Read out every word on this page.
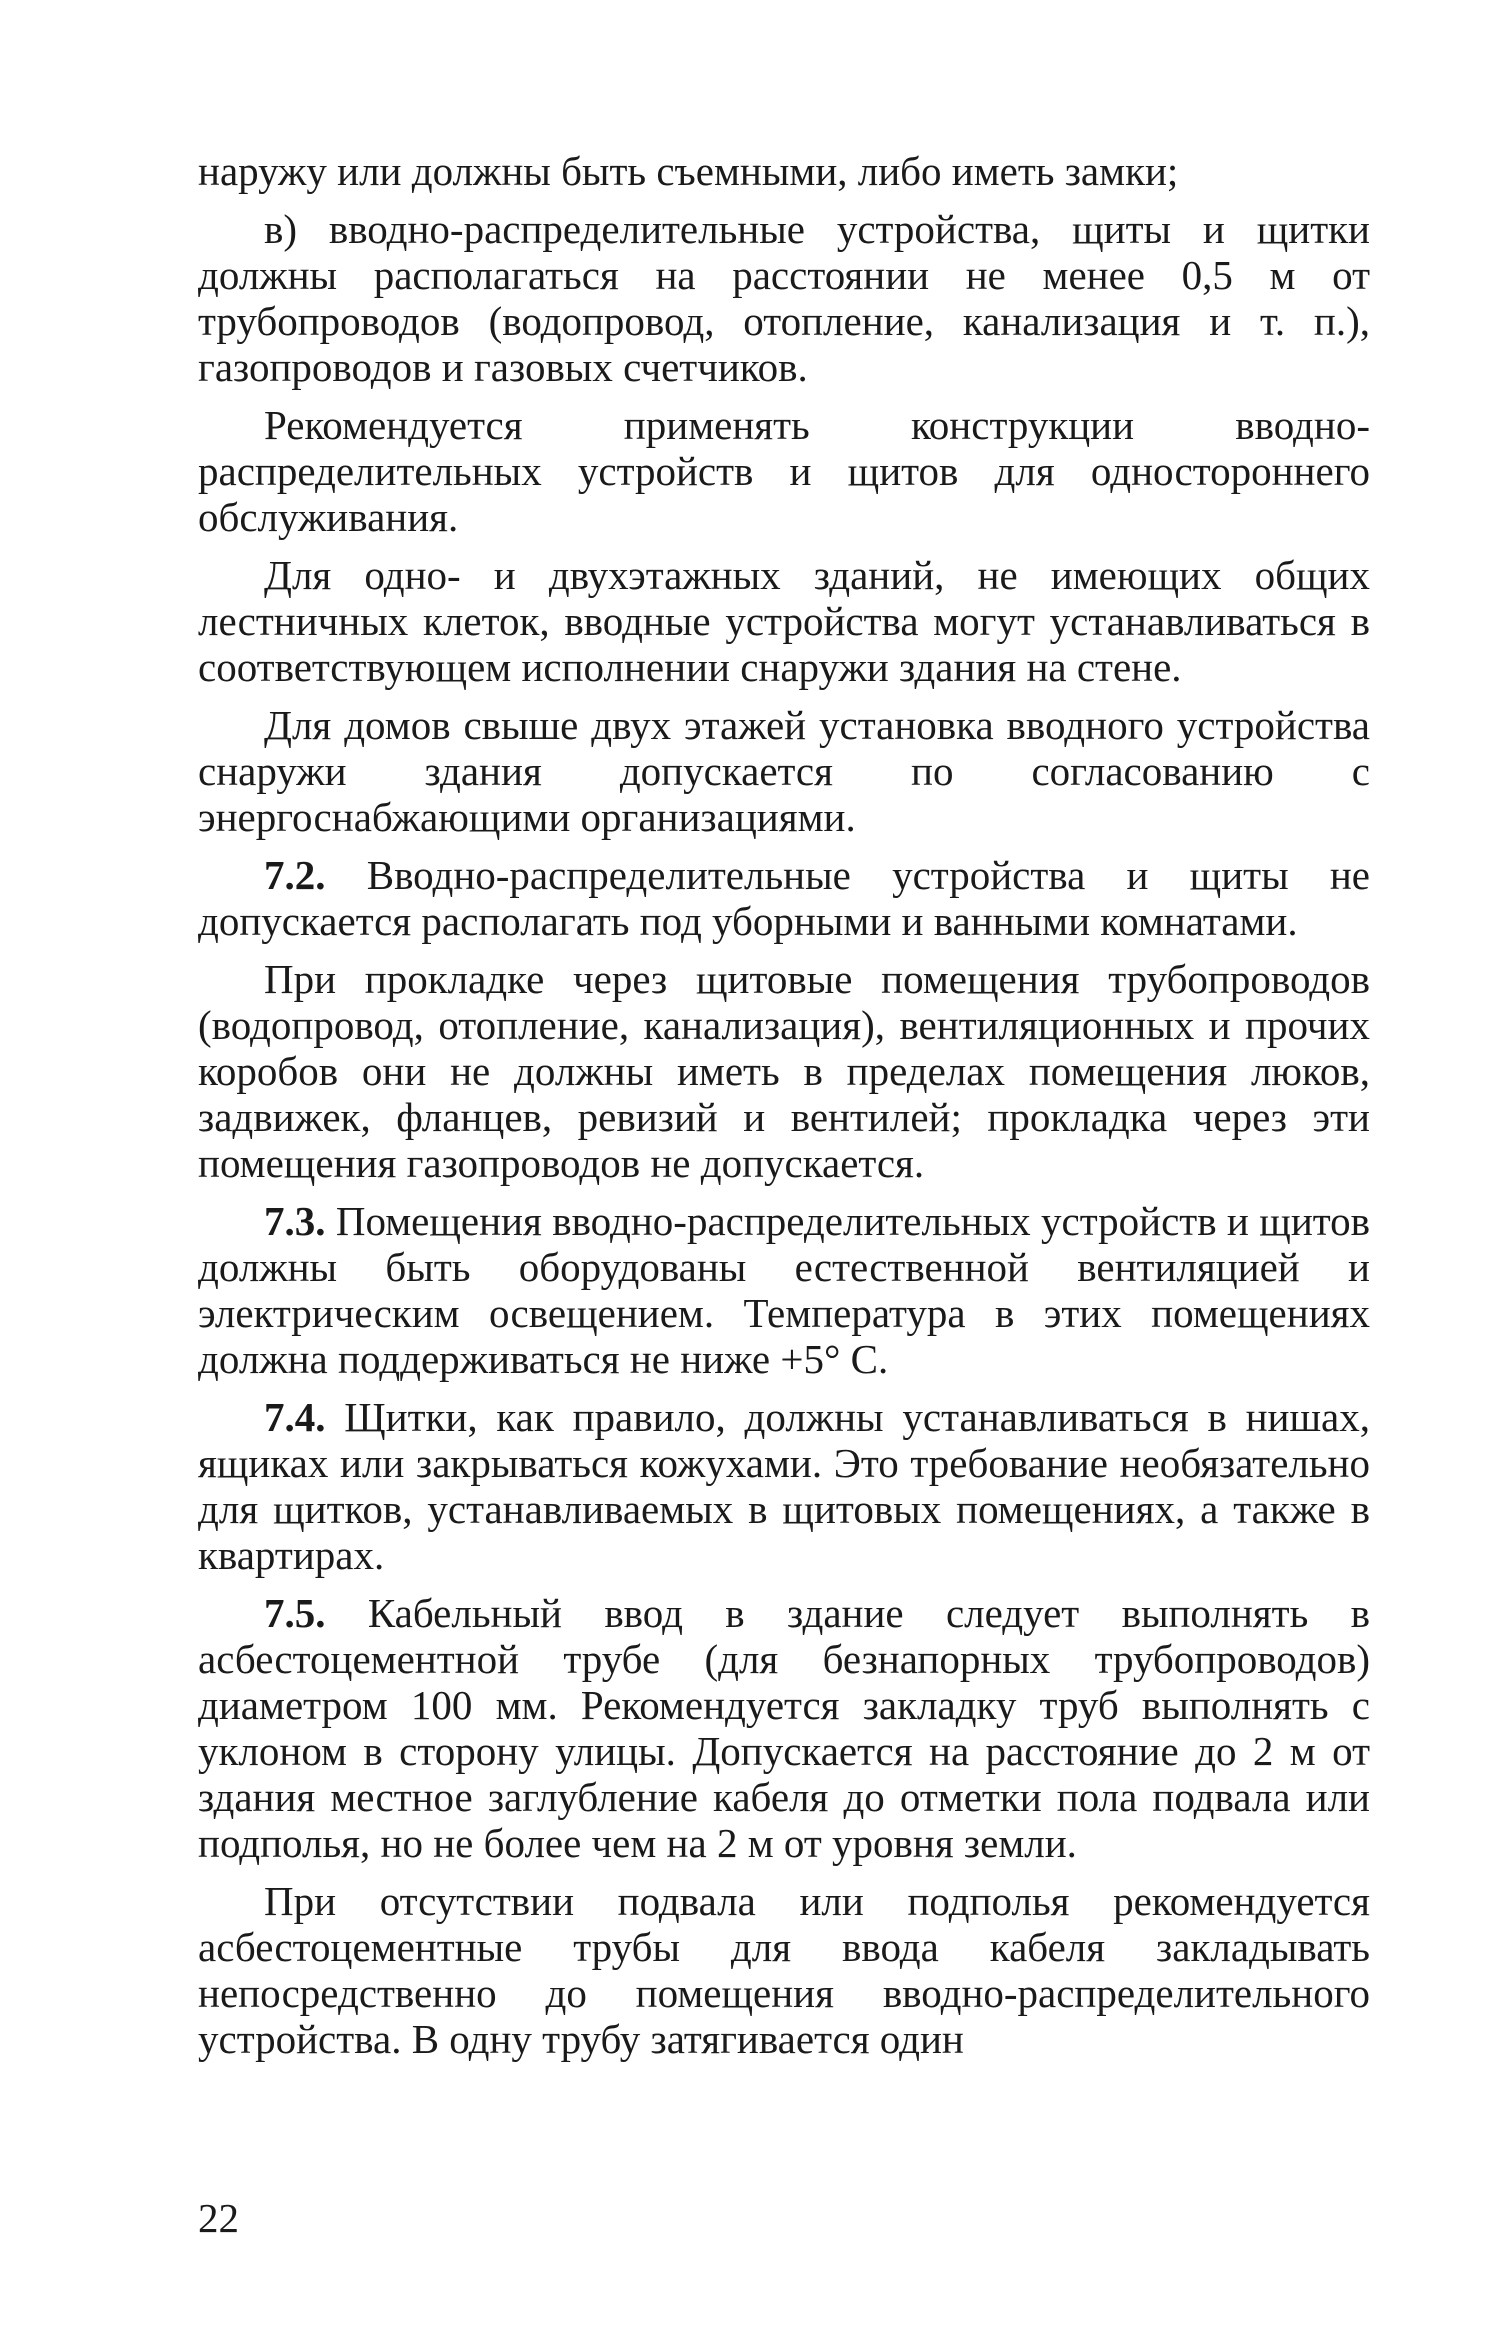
наружу или должны быть съемными, либо иметь замки;

в) вводно-распределительные устройства, щиты и щитки должны располагаться на расстоянии не менее 0,5 м от трубопроводов (водопровод, отопление, канализация и т. п.), газопроводов и газовых счетчиков.

Рекомендуется применять конструкции вводно-распределительных устройств и щитов для одностороннего обслуживания.

Для одно- и двухэтажных зданий, не имеющих общих лестничных клеток, вводные устройства могут устанавливаться в соответствующем исполнении снаружи здания на стене.

Для домов свыше двух этажей установка вводного устройства снаружи здания допускается по согласованию с энергоснабжающими организациями.

7.2. Вводно-распределительные устройства и щиты не допускается располагать под уборными и ванными комнатами.

При прокладке через щитовые помещения трубопроводов (водопровод, отопление, канализация), вентиляционных и прочих коробов они не должны иметь в пределах помещения люков, задвижек, фланцев, ревизий и вентилей; прокладка через эти помещения газопроводов не допускается.

7.3. Помещения вводно-распределительных устройств и щитов должны быть оборудованы естественной вентиляцией и электрическим освещением. Температура в этих помещениях должна поддерживаться не ниже +5° С.

7.4. Щитки, как правило, должны устанавливаться в нишах, ящиках или закрываться кожухами. Это требование необязательно для щитков, устанавливаемых в щитовых помещениях, а также в квартирах.

7.5. Кабельный ввод в здание следует выполнять в асбестоцементной трубе (для безнапорных трубопроводов) диаметром 100 мм. Рекомендуется закладку труб выполнять с уклоном в сторону улицы. Допускается на расстояние до 2 м от здания местное заглубление кабеля до отметки пола подвала или подполья, но не более чем на 2 м от уровня земли.

При отсутствии подвала или подполья рекомендуется асбестоцементные трубы для ввода кабеля закладывать непосредственно до помещения вводно-распределительного устройства. В одну трубу затягивается один

22
